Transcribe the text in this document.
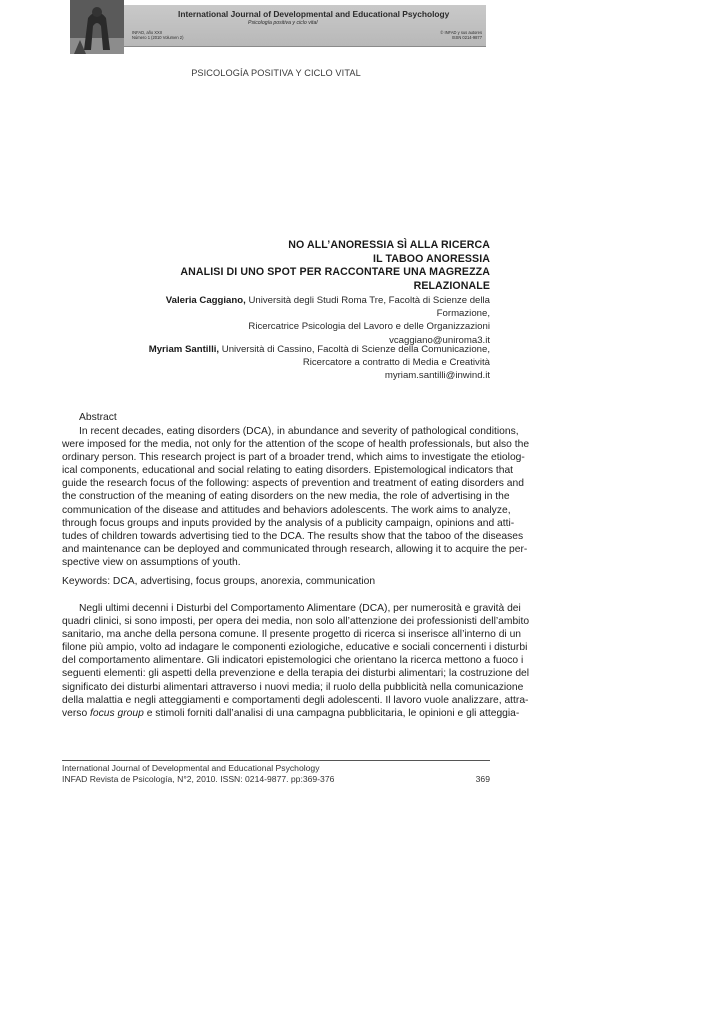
International Journal of Developmental and Educational Psychology
Psicología positiva y ciclo vital
INFAD, año XXII
Número 1 (2010 Volumen 2)
© INFAD y sus autores
ISSN 0214-9877
PSICOLOGÍA POSITIVA Y CICLO VITAL
NO ALL’ANORESSIA SÌ ALLA RICERCA
IL TABOO ANORESSIA
ANALISI DI UNO SPOT PER RACCONTARE UNA MAGREZZA RELAZIONALE
Valeria Caggiano, Università degli Studi Roma Tre, Facoltà di Scienze della Formazione,
Ricercatrice Psicologia del Lavoro e delle Organizzazioni
vcaggiano@uniroma3.it
Myriam Santilli, Università di Cassino, Facoltà di Scienze della Comunicazione,
Ricercatore a contratto di Media e Creatività
myriam.santilli@inwind.it
Abstract
In recent decades, eating disorders (DCA), in abundance and severity of pathological conditions,
were imposed for the media, not only for the attention of the scope of health professionals, but also the
ordinary person. This research project is part of a broader trend, which aims to investigate the etiolog-
ical components, educational and social relating to eating disorders. Epistemological indicators that
guide the research focus of the following: aspects of prevention and treatment of eating disorders and
the construction of the meaning of eating disorders on the new media, the role of advertising in the
communication of the disease and attitudes and behaviors adolescents. The work aims to analyze,
through focus groups and inputs provided by the analysis of a publicity campaign, opinions and atti-
tudes of children towards advertising tied to the DCA. The results show that the taboo of the diseases
and maintenance can be deployed and communicated through research, allowing it to acquire the per-
spective view on assumptions of youth.
Keywords: DCA, advertising, focus groups, anorexia, communication
Negli ultimi decenni i Disturbi del Comportamento Alimentare (DCA), per numerosità e gravità dei
quadri clinici, si sono imposti, per opera dei media, non solo all’attenzione dei professionisti dell’ambito
sanitario, ma anche della persona comune. Il presente progetto di ricerca si inserisce all’interno di un
filone più ampio, volto ad indagare le componenti eziologiche, educative e sociali concernenti i disturbi
del comportamento alimentare. Gli indicatori epistemologici che orientano la ricerca mettono a fuoco i
seguenti elementi: gli aspetti della prevenzione e della terapia dei disturbi alimentari; la costruzione del
significato dei disturbi alimentari attraverso i nuovi media; il ruolo della pubblicità nella comunicazione
della malattia e negli atteggiamenti e comportamenti degli adolescenti. Il lavoro vuole analizzare, attra-
verso focus group e stimoli forniti dall’analisi di una campagna pubblicitaria, le opinioni e gli atteggia-
International Journal of Developmental and Educational Psychology
INFAD Revista de Psicología, N°2, 2010. ISSN: 0214-9877. pp:369-376	369
